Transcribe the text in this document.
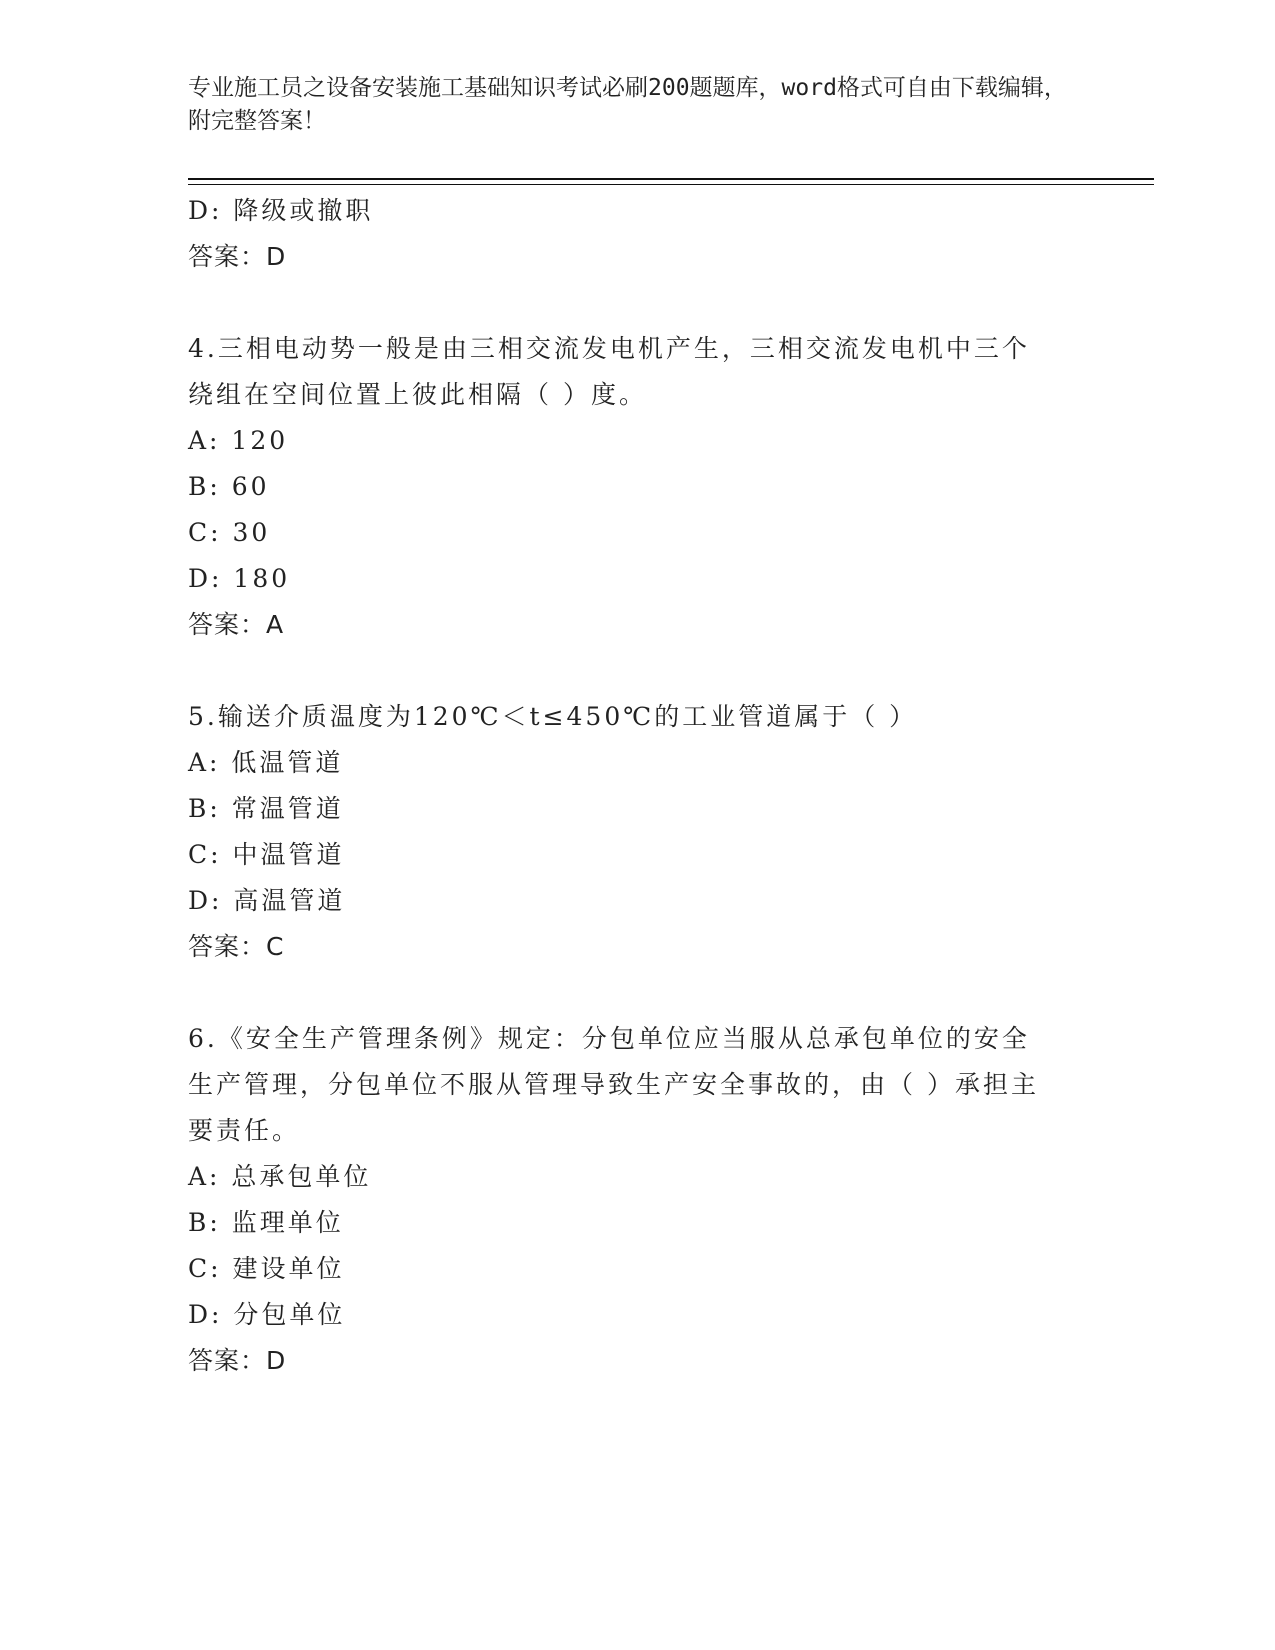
专业施工员之设备安装施工基础知识考试必刷200题题库，word格式可自由下载编辑，附完整答案！
D: 降级或撤职
答案：D
4.三相电动势一般是由三相交流发电机产生，三相交流发电机中三个
绕组在空间位置上彼此相隔（ ）度。
A: 120
B: 60
C: 30
D: 180
答案：A
5.输送介质温度为120℃＜t≤450℃的工业管道属于（ ）
A: 低温管道
B: 常温管道
C: 中温管道
D: 高温管道
答案：C
6.《安全生产管理条例》规定：分包单位应当服从总承包单位的安全
生产管理，分包单位不服从管理导致生产安全事故的，由（ ）承担主
要责任。
A: 总承包单位
B: 监理单位
C: 建设单位
D: 分包单位
答案：D
